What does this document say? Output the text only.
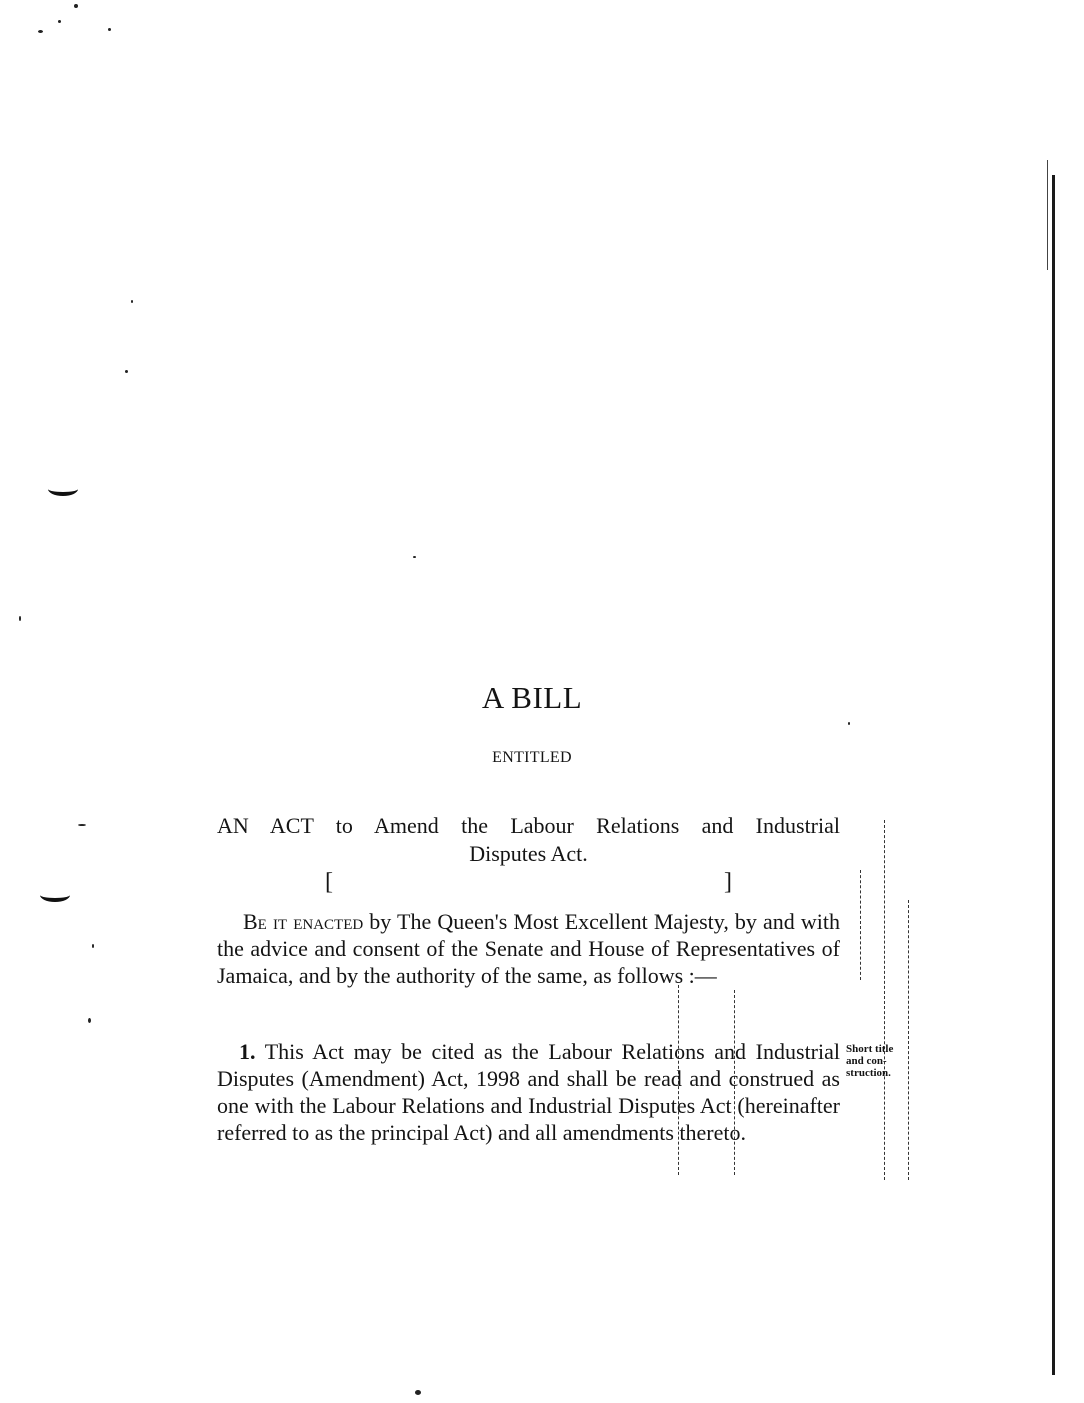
A BILL
ENTITLED
AN ACT to Amend the Labour Relations and Industrial
Disputes Act.
[	]

Be it enacted by The Queen's Most Excellent Majesty, by and with the advice and consent of the Senate and House of Representatives of Jamaica, and by the authority of the same, as follows :—

1. This Act may be cited as the Labour Relations and Industrial Disputes (Amendment) Act, 1998 and shall be read and construed as one with the Labour Relations and Industrial Disputes Act (hereinafter referred to as the principal Act) and all amendments thereto.

Short title
and con-
struction.
